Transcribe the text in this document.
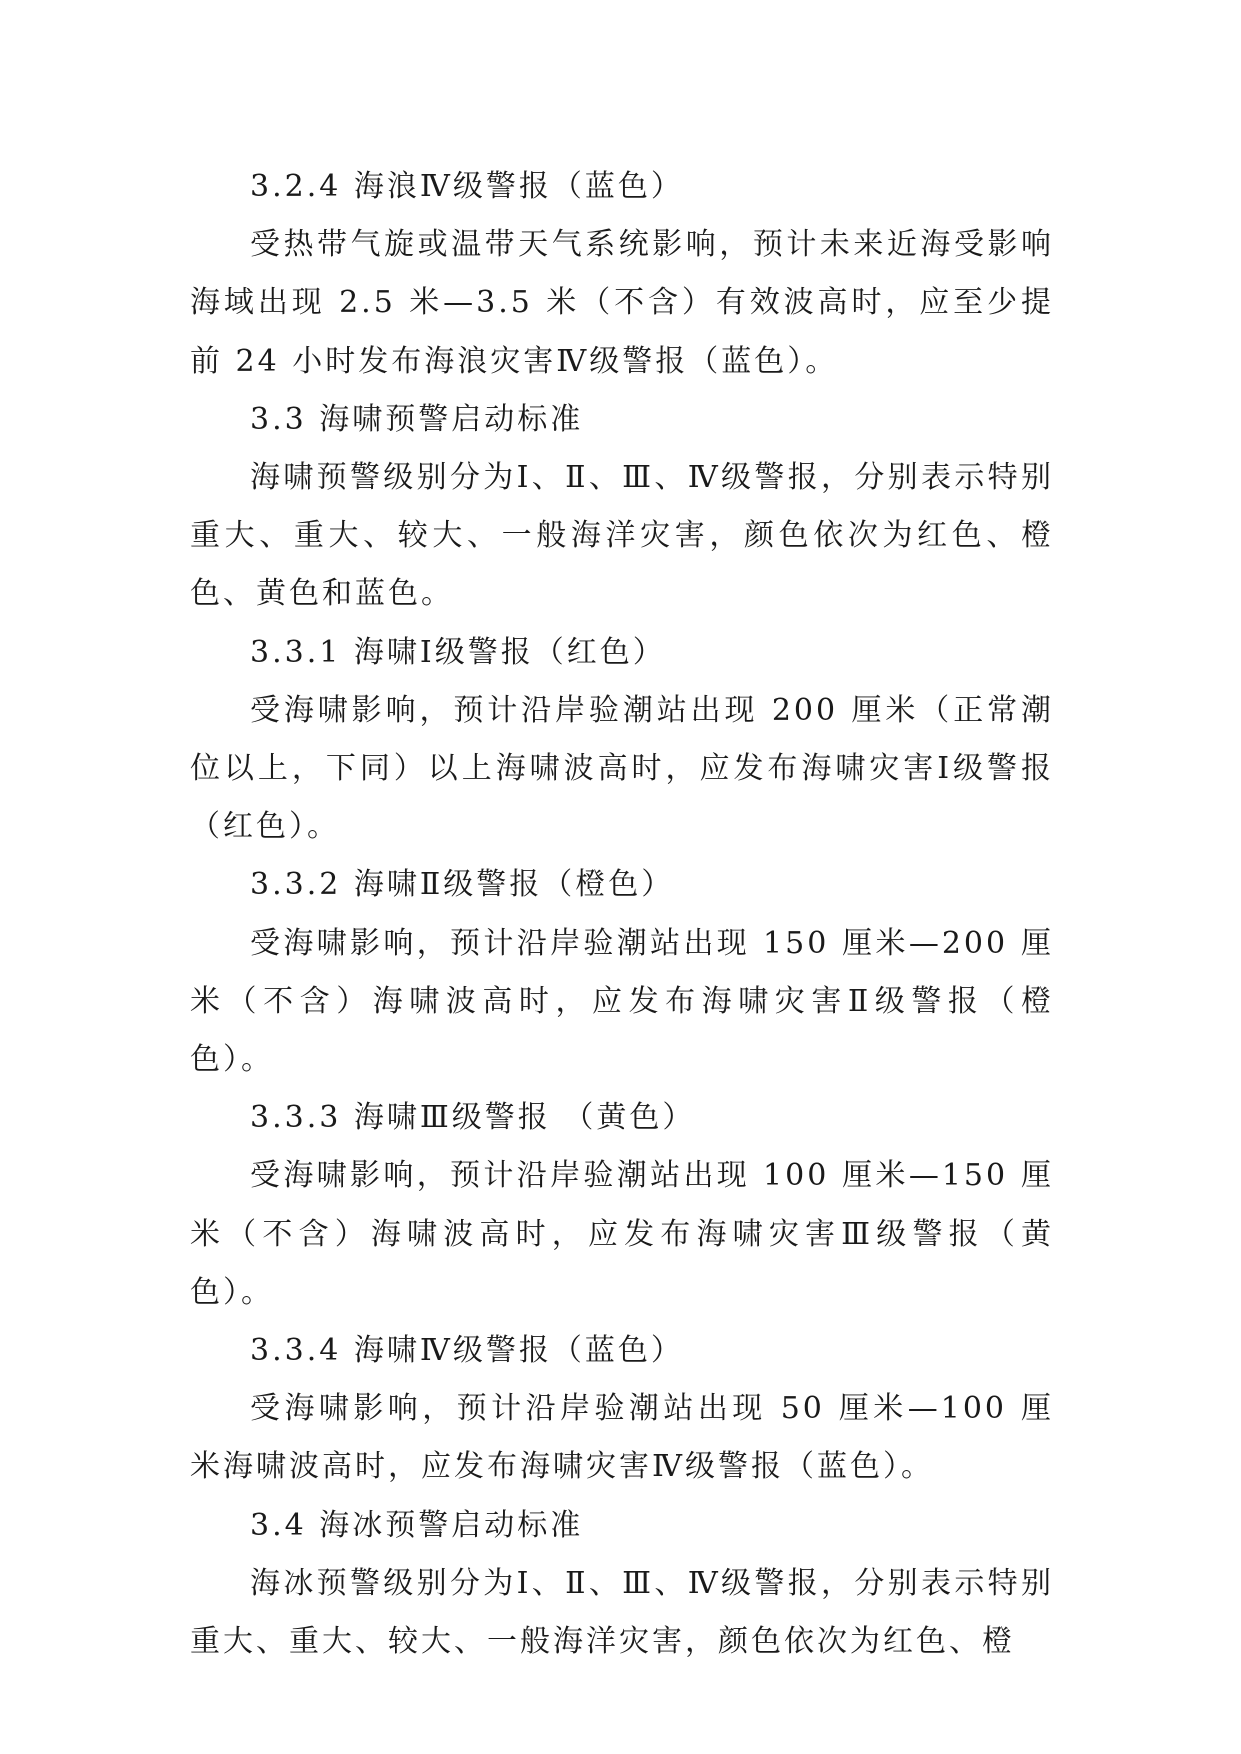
3.2.4 海浪Ⅳ级警报（蓝色）

受热带气旋或温带天气系统影响，预计未来近海受影响海域出现 2.5 米—3.5 米（不含）有效波高时，应至少提前 24 小时发布海浪灾害Ⅳ级警报（蓝色）。

3.3 海啸预警启动标准

海啸预警级别分为Ⅰ、Ⅱ、Ⅲ、Ⅳ级警报，分别表示特别重大、重大、较大、一般海洋灾害，颜色依次为红色、橙色、黄色和蓝色。

3.3.1 海啸Ⅰ级警报（红色）

受海啸影响，预计沿岸验潮站出现 200 厘米（正常潮位以上，下同）以上海啸波高时，应发布海啸灾害Ⅰ级警报（红色）。

3.3.2 海啸Ⅱ级警报（橙色）

受海啸影响，预计沿岸验潮站出现 150 厘米—200 厘米（不含）海啸波高时，应发布海啸灾害Ⅱ级警报（橙色）。

3.3.3 海啸Ⅲ级警报 （黄色）

受海啸影响，预计沿岸验潮站出现 100 厘米—150 厘米（不含）海啸波高时，应发布海啸灾害Ⅲ级警报（黄色）。

3.3.4 海啸Ⅳ级警报（蓝色）

受海啸影响，预计沿岸验潮站出现 50 厘米—100 厘米海啸波高时，应发布海啸灾害Ⅳ级警报（蓝色）。

3.4 海冰预警启动标准

海冰预警级别分为Ⅰ、Ⅱ、Ⅲ、Ⅳ级警报，分别表示特别重大、重大、较大、一般海洋灾害，颜色依次为红色、橙
